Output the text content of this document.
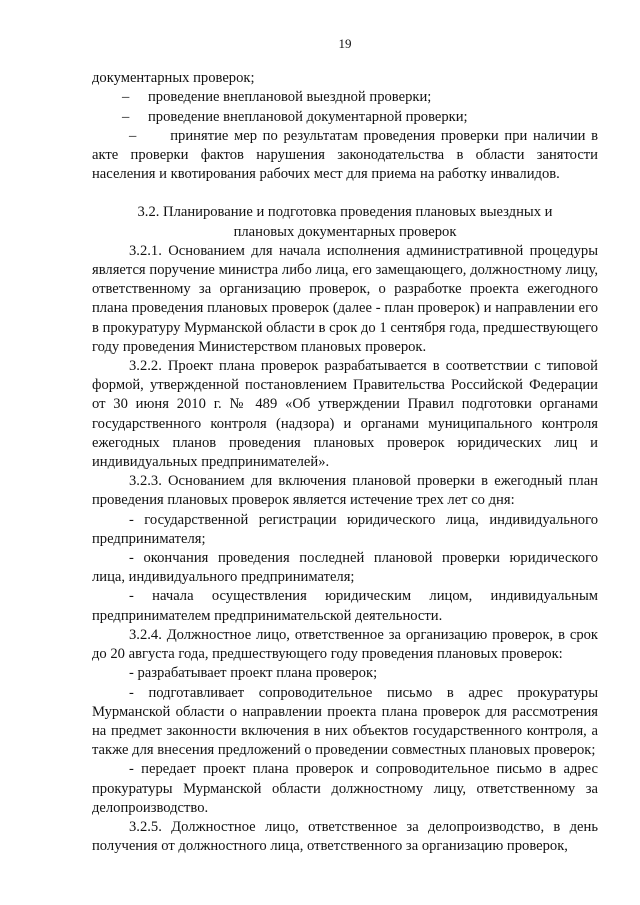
19

документарных проверок;

– проведение внеплановой выездной проверки;
– проведение внеплановой документарной проверки;

– принятие мер по результатам проведения проверки при наличии в акте проверки фактов нарушения законодательства в области занятости населения и квотирования рабочих мест для приема на работку инвалидов.

3.2. Планирование и подготовка проведения плановых выездных и

плановых документарных проверок

3.2.1. Основанием для начала исполнения административной процедуры является поручение министра либо лица, его замещающего, должностному лицу, ответственному за организацию проверок, о разработке проекта ежегодного плана проведения плановых проверок (далее - план проверок) и направлении его в прокуратуру Мурманской области в срок до 1 сентября года, предшествующего году проведения Министерством плановых проверок.

3.2.2. Проект плана проверок разрабатывается в соответствии с типовой формой, утвержденной постановлением Правительства Российской Федерации от 30 июня 2010 г. № 489 «Об утверждении Правил подготовки органами государственного контроля (надзора) и органами муниципального контроля ежегодных планов проведения плановых проверок юридических лиц и индивидуальных предпринимателей».

3.2.3. Основанием для включения плановой проверки в ежегодный план проведения плановых проверок является истечение трех лет со дня:

- государственной регистрации юридического лица, индивидуального предпринимателя;

- окончания проведения последней плановой проверки юридического лица, индивидуального предпринимателя;

- начала осуществления юридическим лицом, индивидуальным предпринимателем предпринимательской деятельности.

3.2.4. Должностное лицо, ответственное за организацию проверок, в срок до 20 августа года, предшествующего году проведения плановых проверок:

- разрабатывает проект плана проверок;

- подготавливает сопроводительное письмо в адрес прокуратуры Мурманской области о направлении проекта плана проверок для рассмотрения на предмет законности включения в них объектов государственного контроля, а также для внесения предложений о проведении совместных плановых проверок;

- передает проект плана проверок и сопроводительное письмо в адрес прокуратуры Мурманской области должностному лицу, ответственному за делопроизводство.

3.2.5. Должностное лицо, ответственное за делопроизводство, в день получения от должностного лица, ответственного за организацию проверок,
